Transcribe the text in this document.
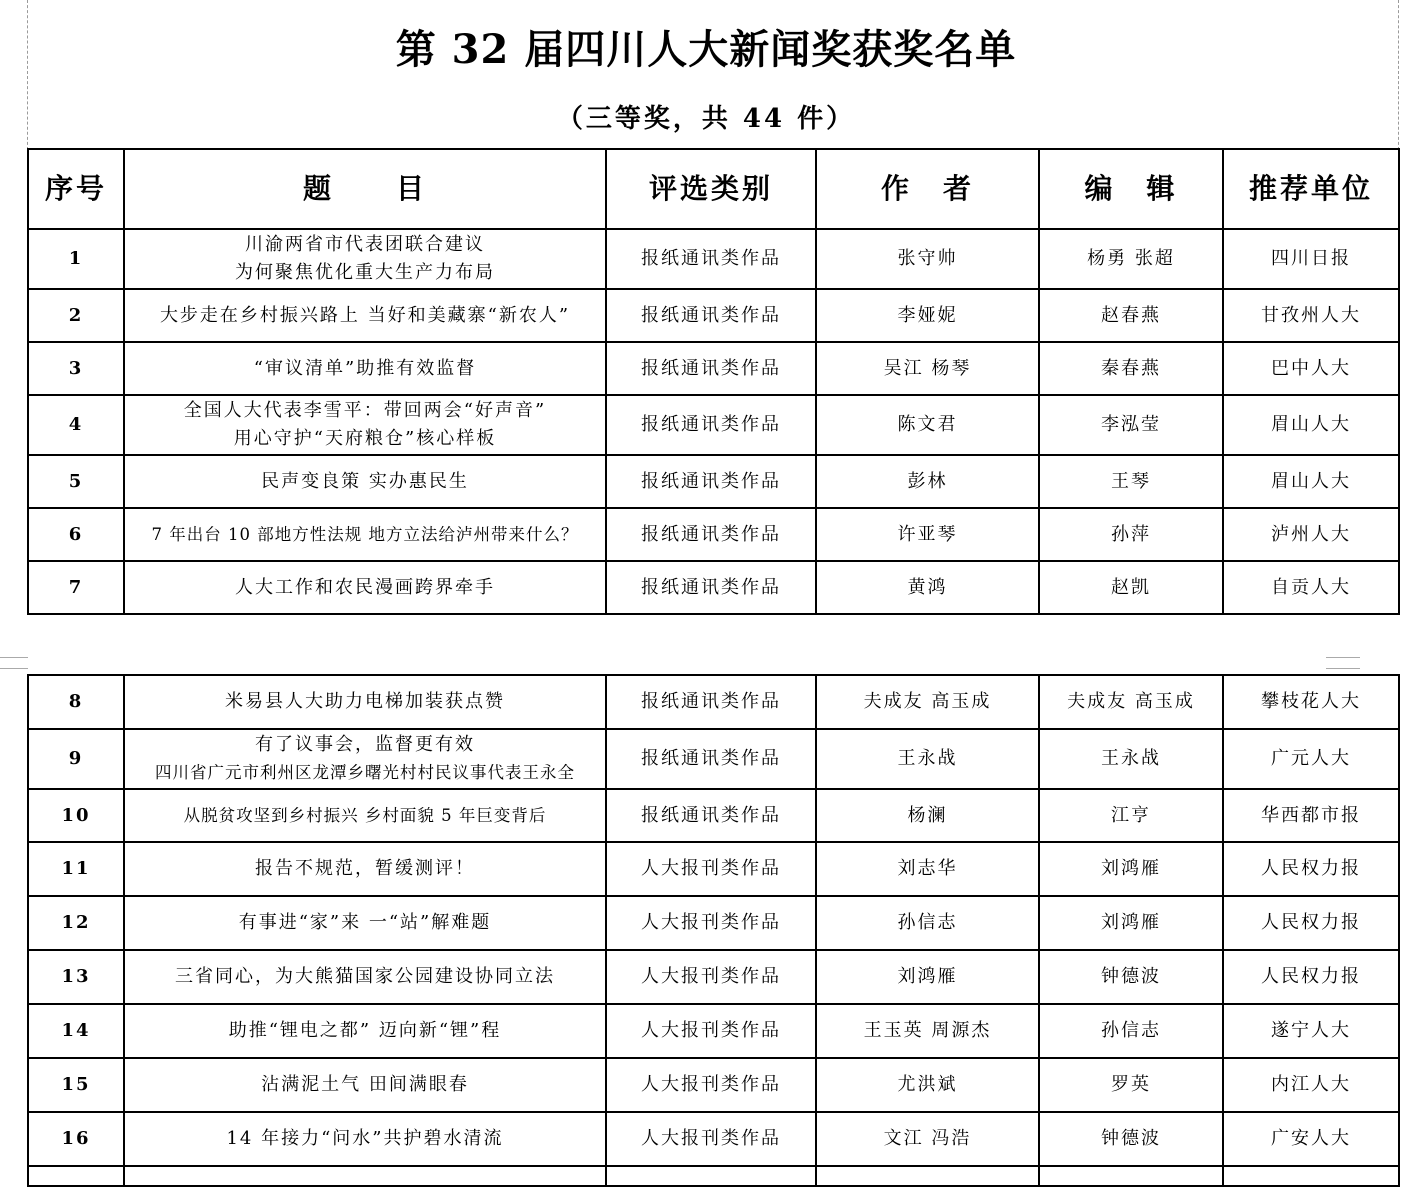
第 32 届四川人大新闻奖获奖名单
（三等奖，共 44 件）
序号	题　　目	评选类别	作　者	编　辑	推荐单位
1	川渝两省市代表团联合建议
为何聚焦优化重大生产力布局	报纸通讯类作品	张守帅	杨勇 张超	四川日报
2	大步走在乡村振兴路上 当好和美藏寨“新农人”	报纸通讯类作品	李娅妮	赵春燕	甘孜州人大
3	“审议清单”助推有效监督	报纸通讯类作品	吴江 杨琴	秦春燕	巴中人大
4	全国人大代表李雪平：带回两会“好声音”
用心守护“天府粮仓”核心样板	报纸通讯类作品	陈文君	李泓莹	眉山人大
5	民声变良策 实办惠民生	报纸通讯类作品	彭林	王琴	眉山人大
6	7 年出台 10 部地方性法规 地方立法给泸州带来什么？	报纸通讯类作品	许亚琴	孙萍	泸州人大
7	人大工作和农民漫画跨界牵手	报纸通讯类作品	黄鸿	赵凯	自贡人大
8	米易县人大助力电梯加装获点赞	报纸通讯类作品	夫成友 高玉成	夫成友 高玉成	攀枝花人大
9	有了议事会，监督更有效
四川省广元市利州区龙潭乡曙光村村民议事代表王永全	报纸通讯类作品	王永战	王永战	广元人大
10	从脱贫攻坚到乡村振兴 乡村面貌 5 年巨变背后	报纸通讯类作品	杨澜	江亨	华西都市报
11	报告不规范，暂缓测评！	人大报刊类作品	刘志华	刘鸿雁	人民权力报
12	有事进“家”来 一“站”解难题	人大报刊类作品	孙信志	刘鸿雁	人民权力报
13	三省同心，为大熊猫国家公园建设协同立法	人大报刊类作品	刘鸿雁	钟德波	人民权力报
14	助推“锂电之都” 迈向新“锂”程	人大报刊类作品	王玉英 周源杰	孙信志	遂宁人大
15	沾满泥土气 田间满眼春	人大报刊类作品	尤洪斌	罗英	内江人大
16	14 年接力“问水”共护碧水清流	人大报刊类作品	文江 冯浩	钟德波	广安人大
